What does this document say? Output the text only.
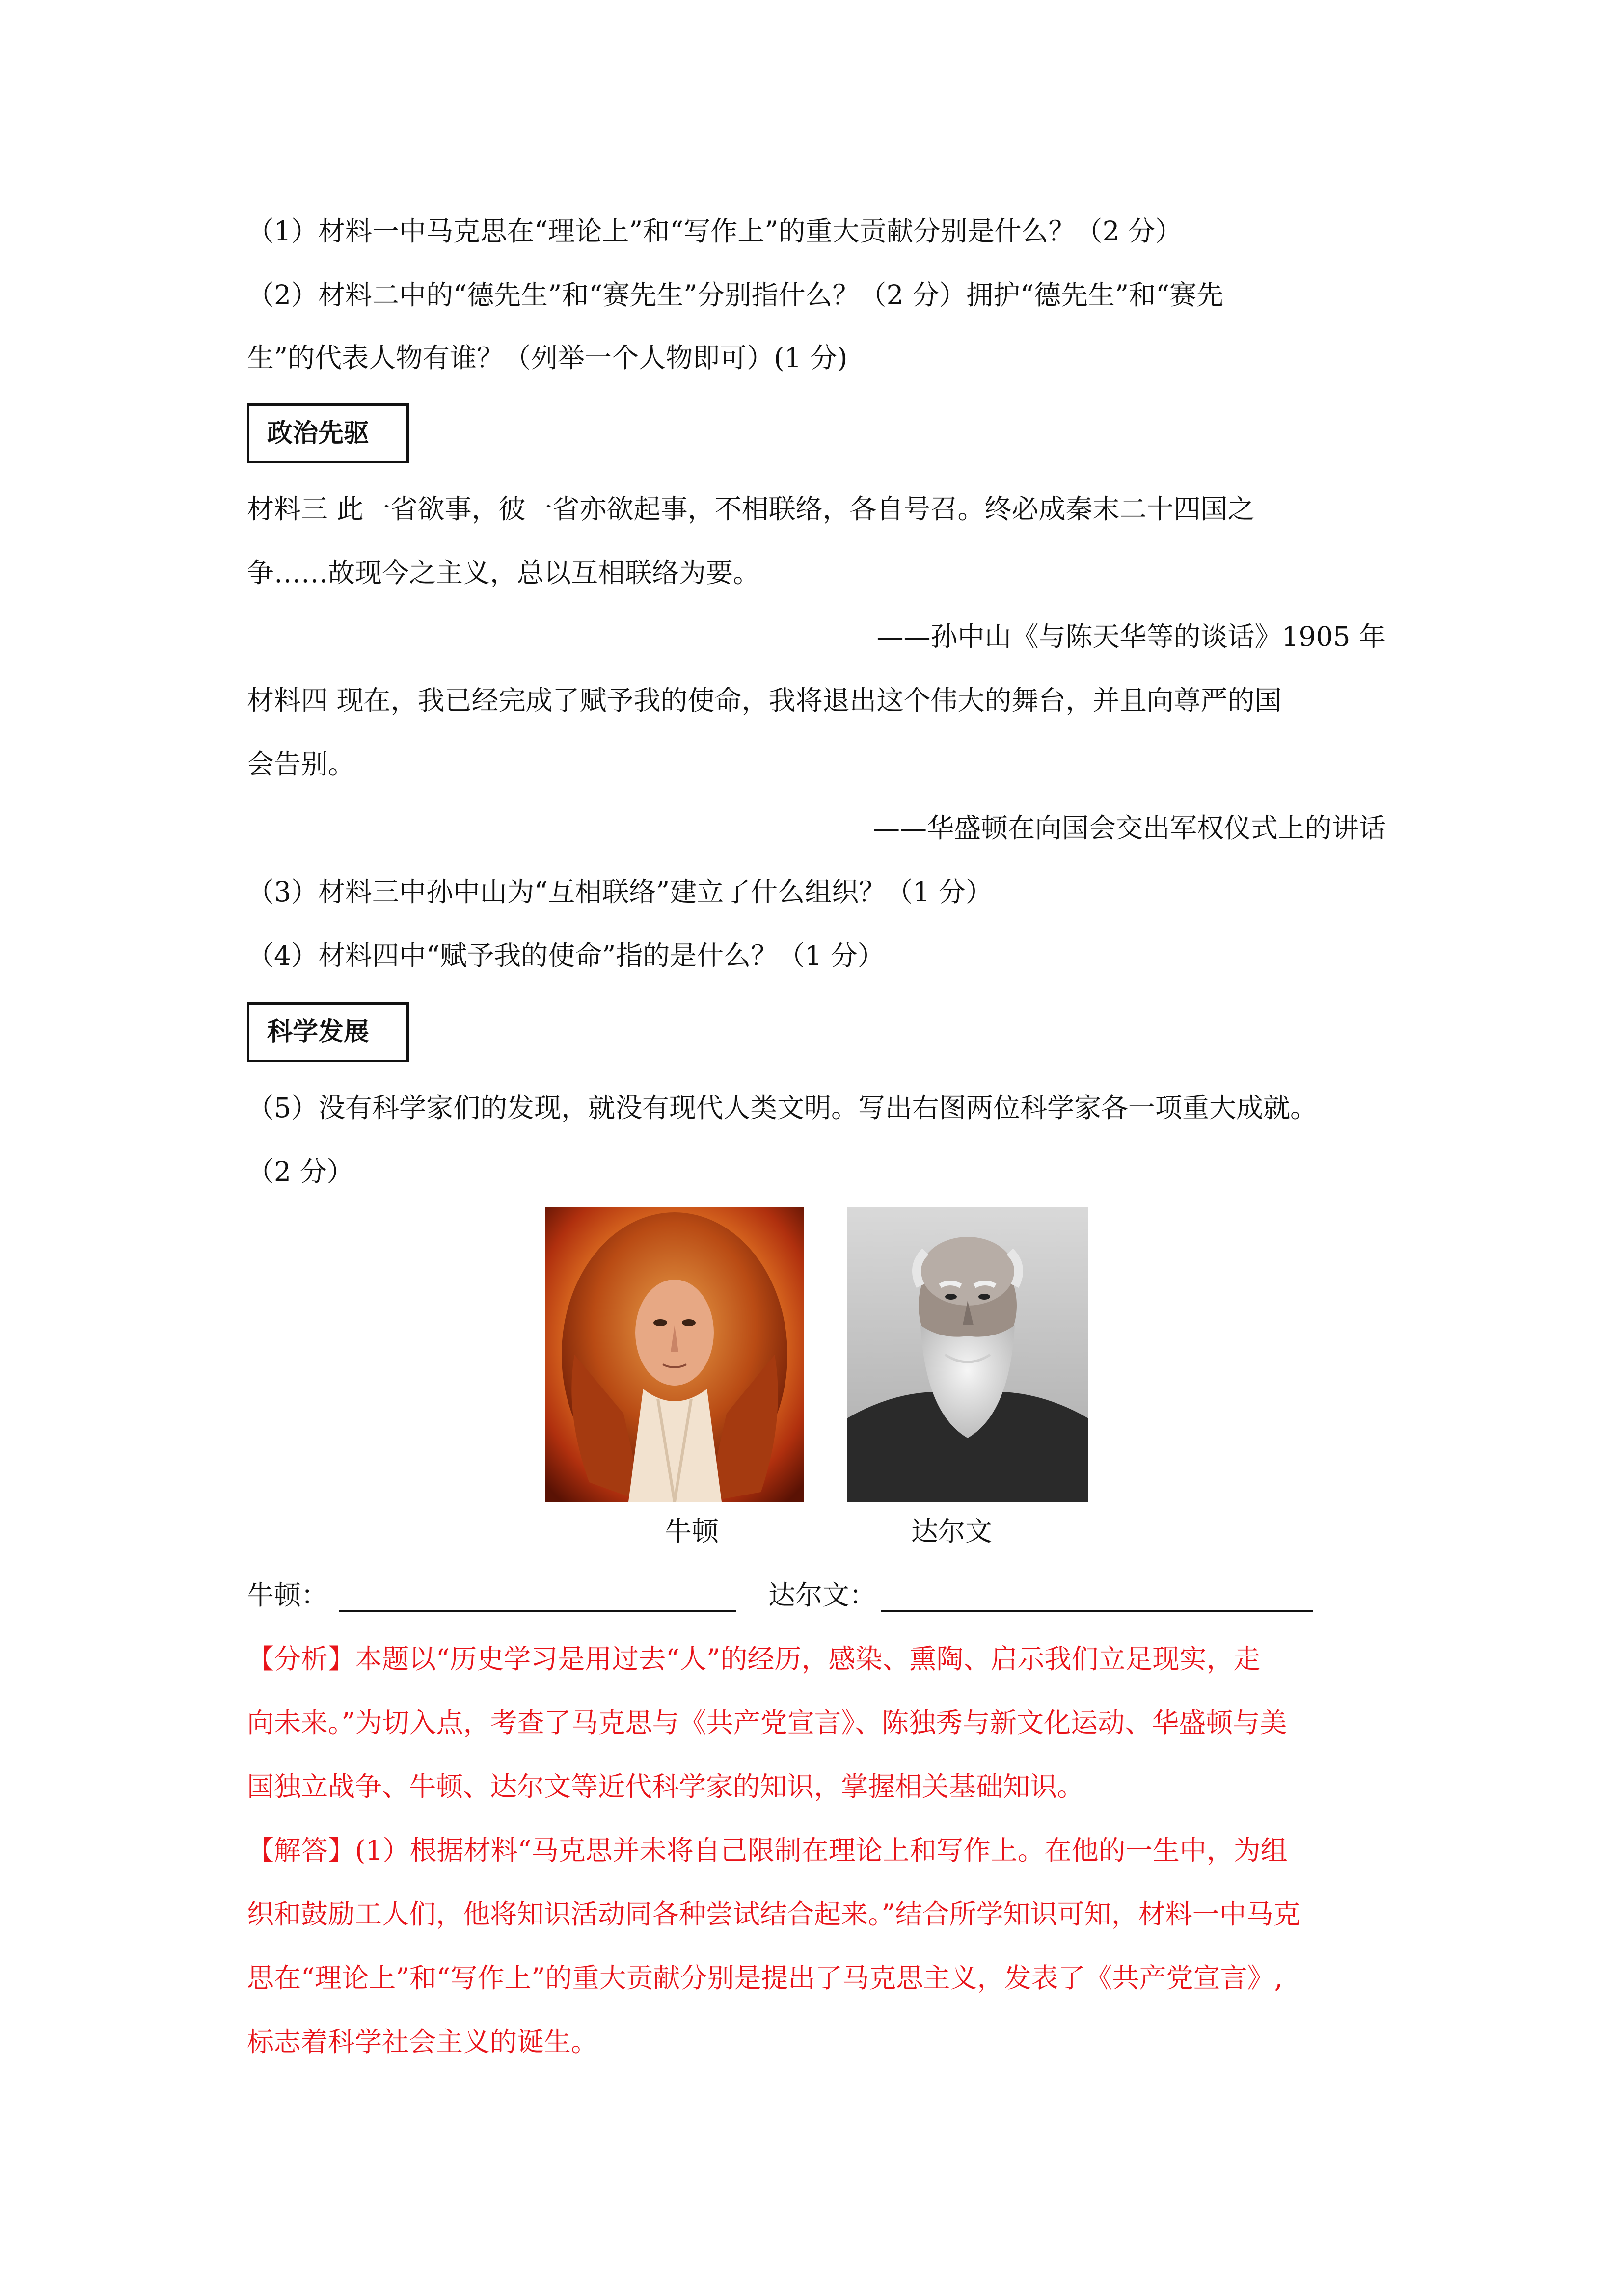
（1）材料一中马克思在“理论上”和“写作上”的重大贡献分别是什么？（2 分）
（2）材料二中的“德先生”和“赛先生”分别指什么？（2 分）拥护“德先生”和“赛先
生”的代表人物有谁？（列举一个人物即可）(1 分)
政治先驱
材料三 此一省欲事，彼一省亦欲起事，不相联络，各自号召。终必成秦末二十四国之
争……故现今之主义，总以互相联络为要。
——孙中山《与陈天华等的谈话》1905 年
材料四 现在，我已经完成了赋予我的使命，我将退出这个伟大的舞台，并且向尊严的国
会告别。
——华盛顿在向国会交出军权仪式上的讲话
（3）材料三中孙中山为“互相联络”建立了什么组织？（1 分）
（4）材料四中“赋予我的使命”指的是什么？（1 分）
科学发展
（5）没有科学家们的发现，就没有现代人类文明。写出右图两位科学家各一项重大成就。
（2 分）
牛顿	达尔文
牛顿：	达尔文：
【分析】本题以“历史学习是用过去“人”的经历，感染、熏陶、启示我们立足现实，走
向未来。”为切入点，考查了马克思与《共产党宣言》、陈独秀与新文化运动、华盛顿与美
国独立战争、牛顿、达尔文等近代科学家的知识，掌握相关基础知识。
【解答】(1）根据材料“马克思并未将自己限制在理论上和写作上。在他的一生中，为组
织和鼓励工人们，他将知识活动同各种尝试结合起来。”结合所学知识可知，材料一中马克
思在“理论上”和“写作上”的重大贡献分别是提出了马克思主义，发表了《共产党宣言》,
标志着科学社会主义的诞生。
